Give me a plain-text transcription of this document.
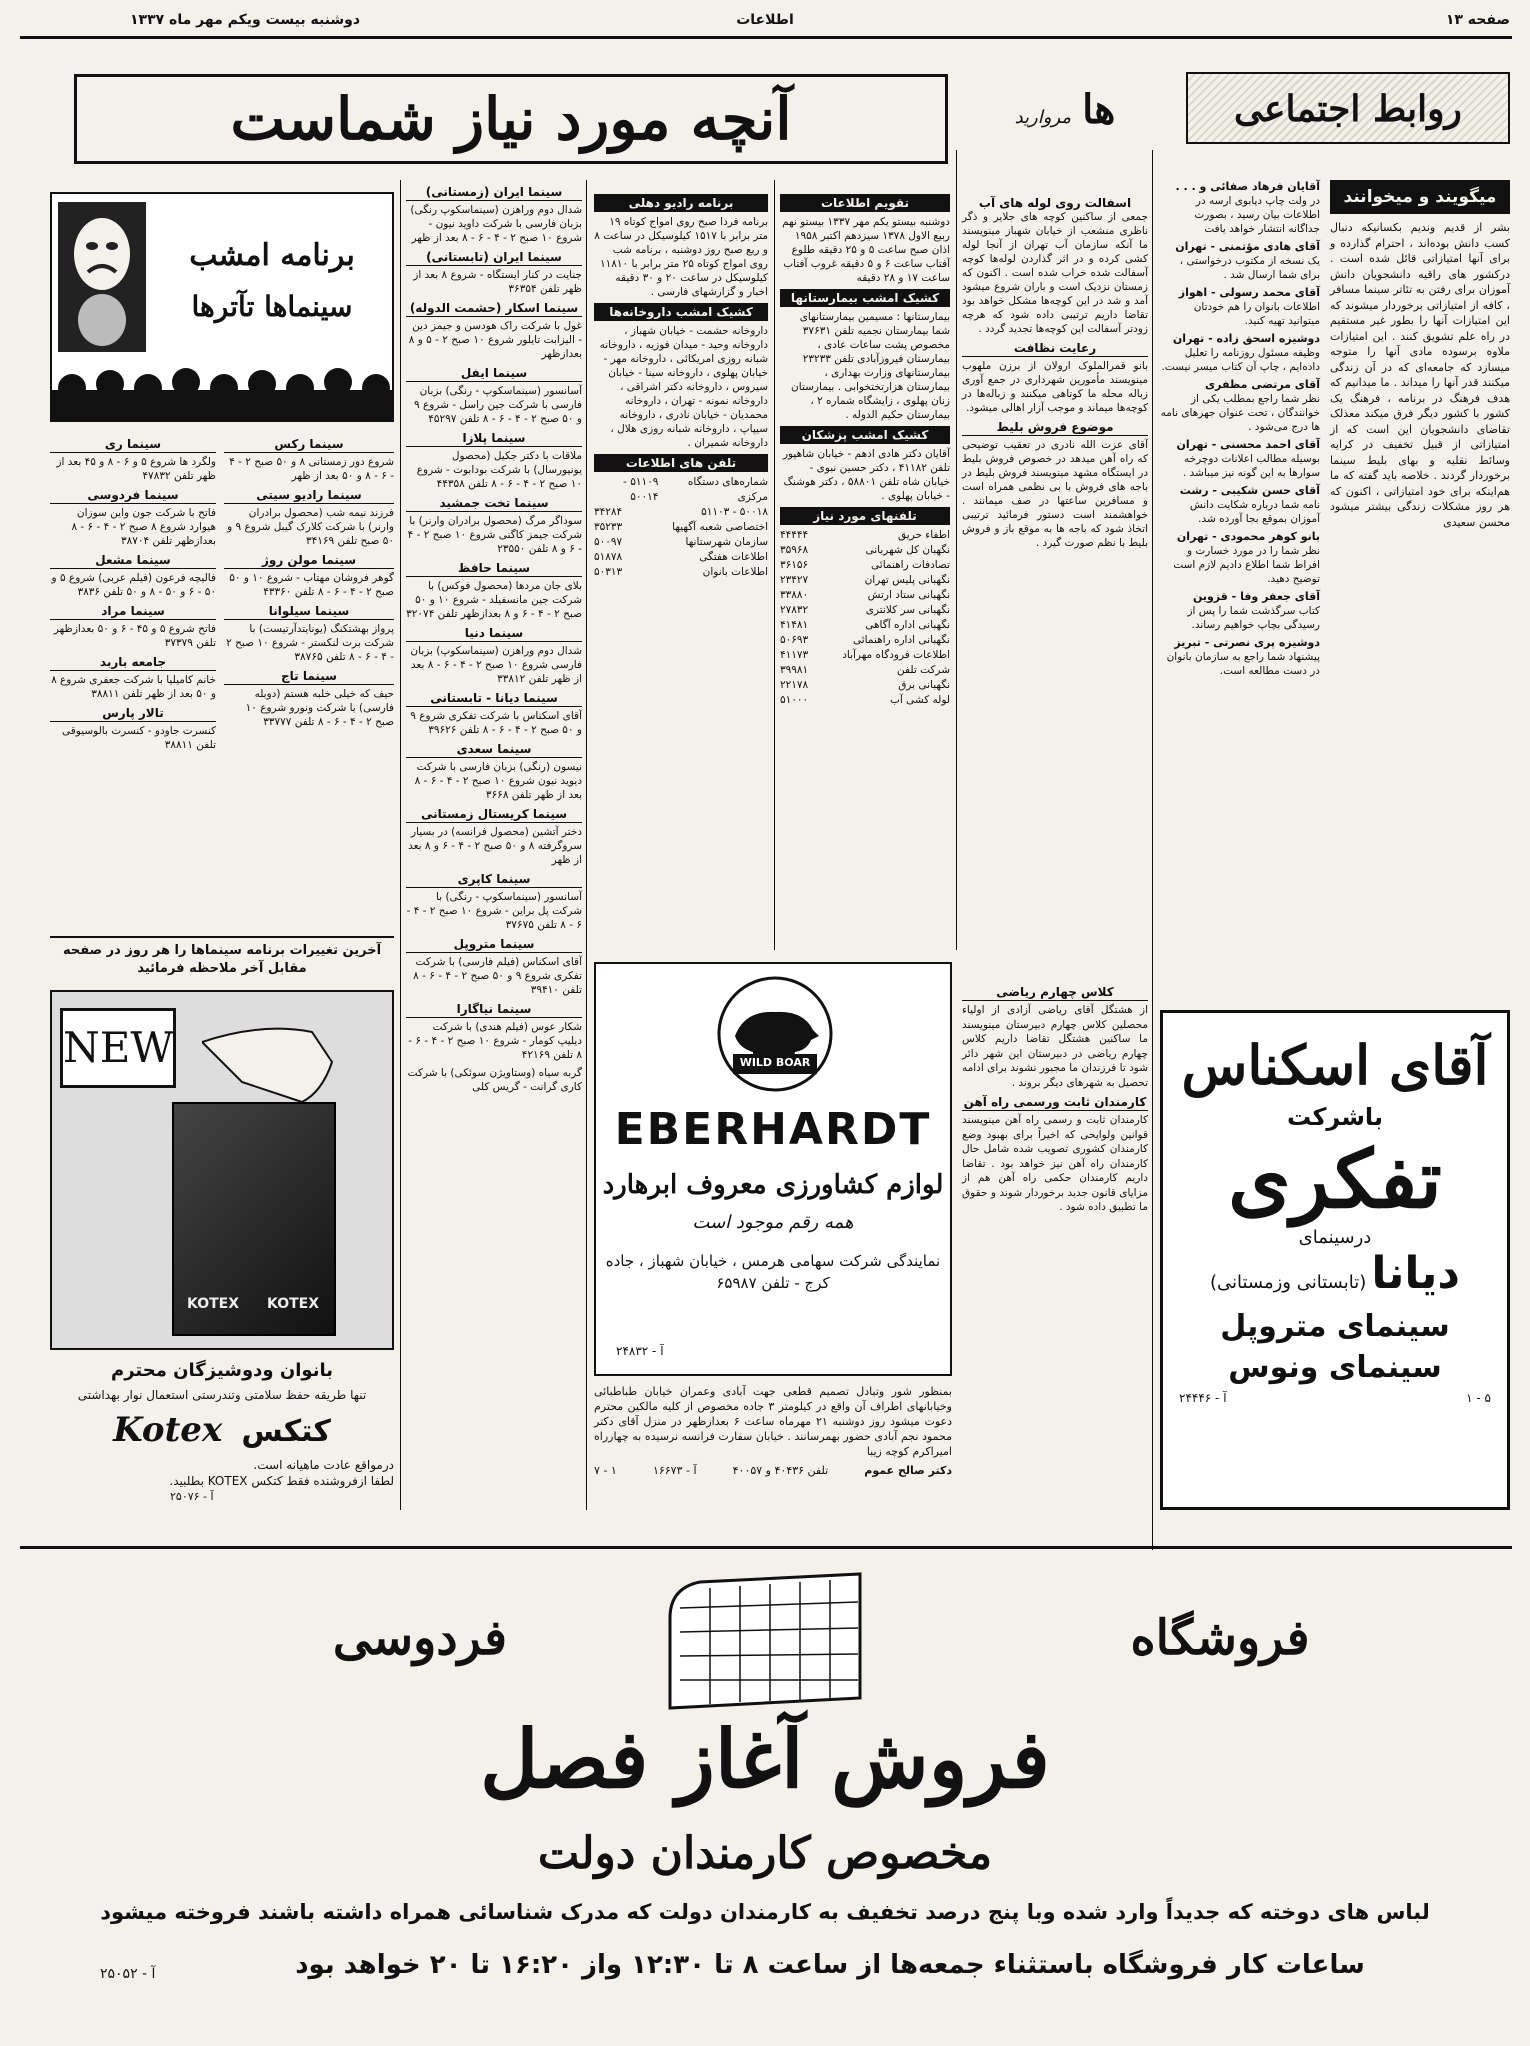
صفحه ۱۳
اطلاعات
دوشنبه بیست ویکم مهر ماه ۱۳۳۷
روابط اجتماعی
ها مروارید
آنچه مورد نیاز شماست
آقایان فرهاد صفائی و . . .
در ولت چاپ دیابوی ارسه در اطلاعات بیان رسید ، بصورت جداگانه انتشار خواهد یافت
آقای هادی مؤتمنی - تهران
یک نسخه از مکتوب درخواستی ، برای شما ارسال شد .
آقای محمد رسولی - اهواز
اطلاعات بانوان را هم خودتان میتوانید تهیه کنید.
دوشیزه اسحق زاده - تهران
وظیفه مسئول روزنامه را تعلیل داده‌ایم ، چاپ آن کتاب میسر نیست.
آقای مرتضی مظفری
نظر شما راجع بمطلب یکی از خوانندگان ، تحت عنوان جهرهای نامه ها درج می‌شود .
آقای احمد محسنی - تهران
بوسیله مطالب اعلانات دوچرخه سوارها به این گونه نیز میباشد .
آقای حسن شکیبی - رشت
نامه شما درباره شکایت دانش آموزان بموقع بجا آورده شد.
بانو کوهر محمودی - تهران
نظر شما را در مورد خسارت و افراط شما اطلاع دادیم لازم است توضیح دهید.
آقای جعفر وفا - قزوین
کتاب سرگذشت شما را پس از رسیدگی بچاپ خواهیم رساند.
دوشیزه پری نصرتی - تبریز
پیشنهاد شما راجع به سازمان بانوان در دست مطالعه است.
میگویند و میخوانند
بشر از قدیم وندیم بکسانیکه دنبال کسب دانش بوده‌اند ، احترام گذارده و برای آنها امتیازاتی قائل شده است . درکشور های راقیه دانشجویان دانش آموزان برای رفتن به تئاتر سینما مسافر ، کافه از امتیازاتی برخوردار میشوند که این امتیازات آنها را بطور غیر مستقیم در راه علم تشویق کنند . این امتیازات ملاوه برسوده مادی آنها را متوجه میسازد که جامعه‌ای که در آن زندگی میکنند قدر آنها را میداند . ما میدانیم که هدف فرهنگ در برنامه ، فرهنگ یک کشور با کشور دیگر فرق میکند معذلک تقاضای دانشجویان این است که از امتیازاتی از قبیل تخفیف در کرایه وسائط نقلیه و بهای بلیط سینما برخوردار گردند . خلاصه باید گفته که ما هم‌اینکه برای خود امتیازاتی ، اکنون که هر روز مشکلات زندگی بیشتر میشود محسن سعیدی
اسفالت روی لوله های آب
جمعی از ساکنین کوچه های جلایر و ذگر ناظری منشعب از خیابان شهباز مینویسند ما آنکه سازمان آب تهران از آنجا لوله کشی کرده و در اثر گذاردن لوله‌ها کوچه آسفالت شده خراب شده است . اکنون که زمستان نزدیک است و باران شروع میشود آمد و شد در این کوچه‌ها مشکل خواهد بود تقاضا داریم ترتیبی داده شود که هرچه زودتر آسفالت این کوچه‌ها تجدید گردد .
رعایت نظافت
بانو قمرالملوک ارولان از برزن ملهوب مینویسند مأمورین شهرداری در جمع آوری زباله محله ما کوتاهی میکنند و زباله‌ها در کوچه‌ها میماند و موجب آزار اهالی میشود.
موضوع فروش بلیط
آقای عزت الله نادری در تعقیب توضیحی که راه آهن میدهد در خصوص فروش بلیط در ایستگاه مشهد مینویسند فروش بلیط در باجه های فروش با بی نظمی همراه است و مسافرین ساعتها در صف میمانند . خواهشمند است دستور فرمائید ترتیبی اتخاذ شود که باجه ها به موقع باز و فروش بلیط با نظم صورت گیرد .
کلاس چهارم ریاضی
از هشتگل آقای ریاضی آزادی از اولیاء محصلین کلاس چهارم دبیرستان مینویسند ما ساکنین هشتگل تقاضا داریم کلاس چهارم ریاضی در دبیرستان این شهر دائر شود تا فرزندان ما مجبور نشوند برای ادامه تحصیل به شهرهای دیگر بروند .
کارمندان ثابت ورسمی راه آهن
کارمندان ثابت و رسمی راه آهن مینویسند قوانین ولوایحی که اخیراً برای بهبود وضع کارمندان کشوری تصویب شده شامل حال کارمندان راه آهن نیز خواهد بود . تقاضا داریم کارمندان حکمی راه آهن هم از مزایای قانون جدید برخوردار شوند و حقوق ما تطبیق داده شود .
تقویم اطلاعات
دوشنبه بیستو یکم مهر ۱۳۳۷ بیستو نهم ربیع الاول ۱۳۷۸ سیزدهم اکتبر ۱۹۵۸ اذان صبح ساعت ۵ و ۲۵ دقیقه طلوع آفتاب ساعت ۶ و ۵ دقیقه غروب آفتاب ساعت ۱۷ و ۲۸ دقیقه
کشیک امشب بیمارستانها
بیمارستانها : مسیمین بیمارستانهای شما بیمارستان نجمیه تلفن ۳۷۶۳۱ مخصوص پشت ساعات عادی ، بیمارستان فیروزآبادی تلفن ۲۳۲۳۳ بیمارستانهای وزارت بهداری ، بیمارستان هزارتختخوابی . بیمارستان زنان پهلوی ، زایشگاه شماره ۲ ، بیمارستان حکیم الدوله .
کشیک امشب پزشکان
آقایان دکتر هادی ادهم - خیابان شاهپور تلفن ۴۱۱۸۲ ، دکتر حسین نبوی - خیابان شاه تلفن ۵۸۸۰۱ ، دکتر هوشنگ - خیابان پهلوی .
تلفنهای مورد نیاز
اطفاء حریق
۴۴۴۴۴
نگهبان کل شهربانی
۳۵۹۶۸
تصادفات راهنمائی
۳۶۱۵۶
نگهبانی پلیس تهران
۲۳۴۲۷
نگهبانی ستاد ارتش
۳۳۸۸۰
نگهبانی سر کلانتری
۲۷۸۳۲
نگهبانی اداره آگاهی
۴۱۴۸۱
نگهبانی اداره راهنمائی
۵۰۶۹۳
اطلاعات فرودگاه مهرآباد
۴۱۱۷۳
شرکت تلفن
۳۹۹۸۱
نگهبانی برق
۲۲۱۷۸
لوله کشی آب
۵۱۰۰۰
برنامه رادیو دهلی
برنامه فردا صبح روی امواج کوتاه ۱۹ متر برابر با ۱۵۱۷ کیلوسیکل در ساعت ۸ و ربع صبح روز دوشنبه ، برنامه شب روی امواج کوتاه ۲۵ متر برابر با ۱۱۸۱۰ کیلوسیکل در ساعت ۲۰ و ۳۰ دقیقه اخبار و گزارشهای فارسی .
کشیک امشب داروخانه‌ها
داروخانه حشمت - خیابان شهباز ، داروخانه وحید - میدان فوزیه ، داروخانه شبانه روزی امریکائی ، داروخانه مهر - خیابان پهلوی ، داروخانه سینا - خیابان سیروس ، داروخانه دکتر اشراقی ، داروخانه نمونه - تهران ، داروخانه محمدیان - خیابان نادری ، داروخانه سیپاپ ، داروخانه شبانه روزی هلال ، داروخانه شمیران .
تلفن های اطلاعات
شماره‌های دستگاه مرکزی
۵۱۱۰۹ - ۵۰۰۱۴
۵۰۰۱۸ - ۵۱۱۰۳
۳۴۲۸۴
اختصاصی شعبه آگهیها
۳۵۲۳۳
سازمان شهرستانها
۵۰۰۹۷
اطلاعات هفتگی
۵۱۸۷۸
اطلاعات بانوان
۵۰۳۱۳
سینما ایران (زمستانی)
شدال دوم وراهزن (سینماسکوپ رنگی) بزبان فارسی با شرکت داوید نیون - شروع ۱۰ صبح ۲ - ۴ - ۶ - ۸ بعد از ظهر
سینما ایران (تابستانی)
جنایت در کنار ایستگاه - شروع ۸ بعد از ظهر تلفن ۳۶۳۵۴
سینما اسکار (حشمت الدوله)
غول با شرکت راک هودسن و جیمز دین - الیزابت تایلور شروع ۱۰ صبح ۲ - ۵ و ۸ بعدازظهر
سینما ایفل
آسانسور (سینماسکوپ - رنگی) بزبان فارسی با شرکت جین راسل - شروع ۹ و ۵۰ صبح ۲ - ۴ - ۶ - ۸ تلفن ۴۵۲۹۷
سینما پلازا
ملاقات با دکتر جکیل (محصول یونیورسال) با شرکت بودابوت - شروع ۱۰ صبح ۲ - ۴ - ۶ - ۸ تلفن ۴۴۳۵۸
سینما تخت جمشید
سوداگر مرگ (محصول برادران وارنر) با شرکت جیمز کاگنی شروع ۱۰ صبح ۲ - ۴ - ۶ و ۸ تلفن ۲۳۵۵۰
سینما حافظ
بلای جان مردها (محصول فوکس) با شرکت جین مانسفیلد - شروع ۱۰ و ۵۰ صبح ۲ - ۴ - ۶ و ۸ بعدازظهر تلفن ۳۲۰۷۴
سینما دنیا
شدال دوم وراهزن (سینماسکوپ) بزبان فارسی شروع ۱۰ صبح ۲ - ۴ - ۶ - ۸ بعد از ظهر تلفن ۳۳۸۱۲
سینما دیانا - تابستانی
آقای اسکناس با شرکت تفکری شروع ۹ و ۵۰ صبح ۲ - ۴ - ۶ - ۸ تلفن ۳۹۶۲۶
سینما سعدی
نیسون (رنگی) بزبان فارسی با شرکت دیوید نیون شروع ۱۰ صبح ۲ - ۴ - ۶ - ۸ بعد از ظهر تلفن ۳۶۶۸
سینما کریستال زمستانی
دختر آتشین (محصول فرانسه) در بسیار سروگرفته ۸ و ۵۰ صبح ۲ - ۴ - ۶ و ۸ بعد از ظهر
سینما کاپری
آسانسور (سینماسکوپ - رنگی) با شرکت پل براین - شروع ۱۰ صبح ۲ - ۴ - ۶ - ۸ تلفن ۳۷۶۷۵
سینما متروپل
آقای اسکناس (فیلم فارسی) با شرکت تفکری شروع ۹ و ۵۰ صبح ۲ - ۴ - ۶ - ۸ تلفن ۳۹۴۱۰
سینما نیاگارا
شکار عوس (فیلم هندی) با شرکت دیلیپ کومار - شروع ۱۰ صبح ۲ - ۴ - ۶ - ۸ تلفن ۴۲۱۶۹
گربه سیاه (وستاویژن سوئکی) با شرکت کاری گرانت - گریس کلی
برنامه امشب
سینماها تآترها
سینما ری
ولگرد ها شروع ۵ و ۶ - ۸ و ۴۵ بعد از ظهر تلفن ۴۷۸۳۲
سینما فردوسی
فاتح با شرکت جون واین سوزان هیوارد شروع ۸ صبح ۲ - ۴ - ۶ - ۸ بعدازظهر تلفن ۳۸۷۰۴
سینما مشعل
فالیچه فرعون (فیلم عربی) شروع ۵ و ۵۰ - ۶ و ۵۰ - ۸ و ۵۰ تلفن ۳۸۳۶
سینما مراد
فاتح شروع ۵ و ۴۵ - ۶ و ۵۰ بعدازظهر تلفن ۳۷۳۷۹
جامعه باربد
خانم کامیلیا با شرکت جعفری شروع ۸ و ۵۰ بعد از ظهر تلفن ۳۸۸۱۱
تالار پارس
کنسرت جاودو - کنسرت بالوسیوقی تلفن ۳۸۸۱۱
سینما رکس
شروع دور زمستانی ۸ و ۵۰ صبح ۲ - ۴ - ۶ - ۸ و ۵۰ بعد از ظهر
سینما رادیو سیتی
فرزند نیمه شب (محصول برادران وارنر) با شرکت کلارک گیبل شروع ۹ و ۵۰ صبح تلفن ۳۴۱۶۹
سینما مولن روژ
گوهر فروشان مهتاب - شروع ۱۰ و ۵۰ صبح ۲ - ۴ - ۶ - ۸ تلفن ۴۳۳۶۰
سینما سیلوانا
پرواز بهشتکنگ (یونایتدآرتیست) با شرکت برت لنکستر - شروع ۱۰ صبح ۲ - ۴ - ۶ - ۸ تلفن ۳۸۷۶۵
سینما تاج
حیف که خیلی خلبه هستم (دوبله فارسی) با شرکت ونورو شروع ۱۰ صبح ۲ - ۴ - ۶ - ۸ تلفن ۳۳۷۷۷
آخرین تغییرات برنامه سینماها را هر روز در صفحه مقابل آخر ملاحظه فرمائید
NEW
KOTEX	KOTEX
بانوان ودوشیزگان محترم
تنها طریقه حفظ سلامتی وتندرستی استعمال نوار بهداشتی
Kotex کتکس
درمواقع عادت ماهیانه است.
لطفا ازفروشنده فقط کتکس KOTEX بطلبید.
آ - ۲۵۰۷۶
WILD BOAR
EBERHARDT
لوازم کشاورزی معروف ابرهارد
همه رقم موجود است
نمایندگی شرکت سهامی هرمس ، خیابان شهباز ، جاده کرج - تلفن ۶۵۹۸۷
آ - ۲۴۸۳۲
بمنظور شور وتبادل تصمیم قطعی جهت آبادی وعمران خیابان طباطبائی وخیابانهای اطراف آن واقع در کیلومتر ۳ جاده مخصوص از کلیه مالکین محترم دعوت میشود روز دوشنبه ۲۱ مهرماه ساعت ۶ بعدازظهر در منزل آقای دکتر محمود نجم آبادی حضور بهمرسانند . خیابان سفارت فرانسه نرسیده به چهارراه امیراکرم کوچه زیبا
دکتر صالح عموم
تلفن ۴۰۴۳۶ و ۴۰۰۵۷
آ - ۱۶۶۷۳
۱ - ۷
آقای اسکناس
باشرکت
تفکری
درسینمای
دیانا (تابستانی وزمستانی)
سینمای متروپل
سینمای ونوس
آ - ۲۴۴۴۶	۱ - ۵
فروشگاه
فردوسی
فروش آغاز فصل
مخصوص کارمندان دولت
لباس های دوخته که جدیداً وارد شده وبا پنج درصد تخفیف به کارمندان دولت که مدرک شناسائی همراه داشته باشند فروخته میشود
ساعات کار فروشگاه باستثناء جمعه‌ها از ساعت ۸ تا ۱۲:۳۰ واز ۱۶:۲۰ تا ۲۰ خواهد بود
آ - ۲۵۰۵۲
